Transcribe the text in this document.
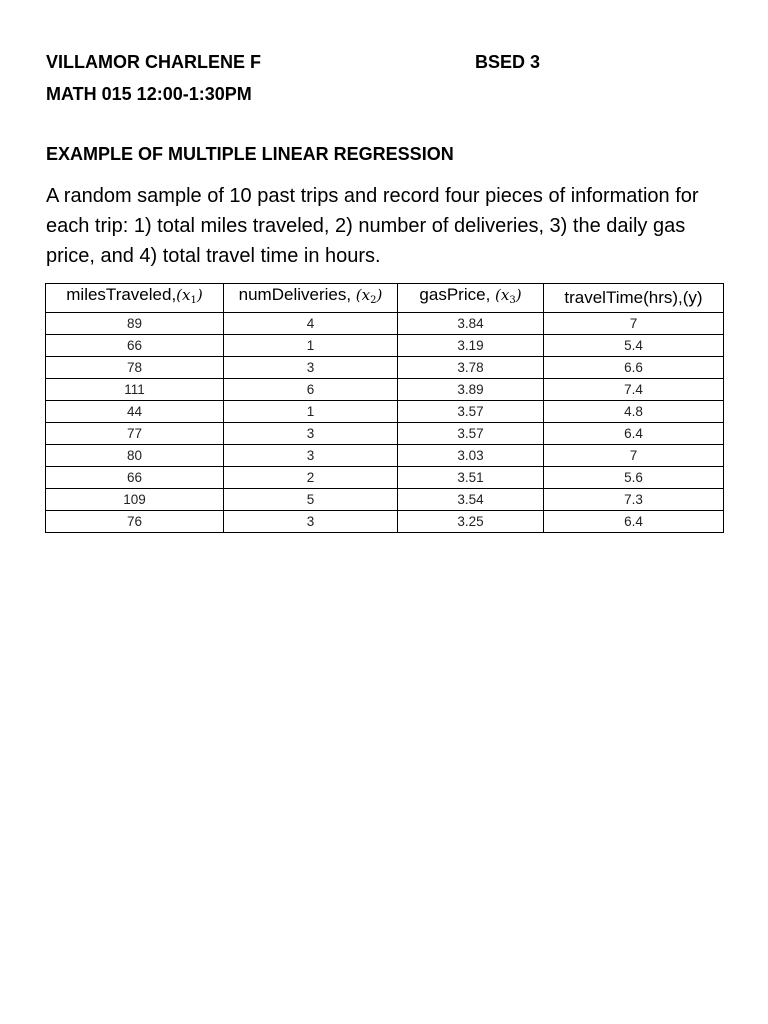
VILLAMOR CHARLENE F	BSED 3
MATH 015 12:00-1:30PM
EXAMPLE OF MULTIPLE LINEAR REGRESSION
A random sample of 10 past trips and record four pieces of information for each trip: 1) total miles traveled, 2) number of deliveries, 3) the daily gas price, and 4) total travel time in hours.
$milesTraveled,(x_1)$	numDeliveries, $(x_2)$	gasPrice, $(x_3)$	travelTime(hrs),(y)
89	4	3.84	7
66	1	3.19	5.4
78	3	3.78	6.6
111	6	3.89	7.4
44	1	3.57	4.8
77	3	3.57	6.4
80	3	3.03	7
66	2	3.51	5.6
109	5	3.54	7.3
76	3	3.25	6.4
